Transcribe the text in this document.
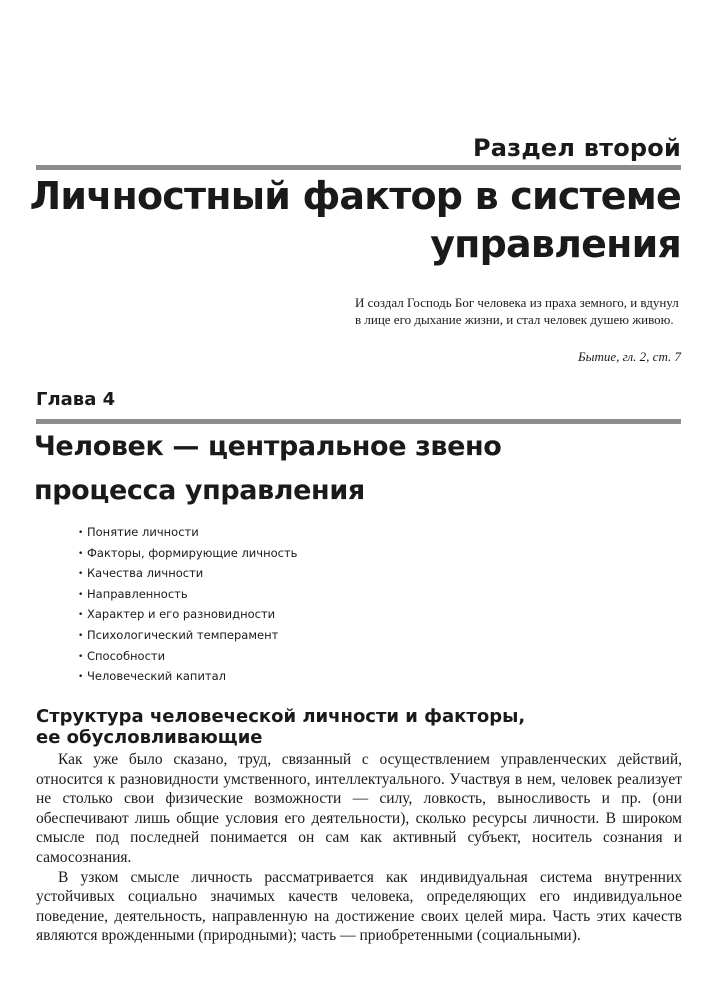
Раздел второй
Личностный фактор в системе
управления
И создал Господь Бог человека из праха земного, и вдунул в лице его дыхание жизни, и стал человек душею живою.
Бытие, гл. 2, ст. 7
Глава 4
Человек — центральное звено
процесса управления
• Понятие личности
• Факторы, формирующие личность
• Качества личности
• Направленность
• Характер и его разновидности
• Психологический темперамент
• Способности
• Человеческий капитал
Структура человеческой личности и факторы,
ее обусловливающие

Как уже было сказано, труд, связанный с осуществлением управленческих действий, относится к разновидности умственного, интеллектуального. Участвуя в нем, человек реализует не столько свои физические возможности — силу, ловкость, выносливость и пр. (они обеспечивают лишь общие условия его деятельности), сколько ресурсы личности. В широком смысле под последней понимается он сам как активный субъект, носитель сознания и самосознания.

В узком смысле личность рассматривается как индивидуальная система внутренних устойчивых социально значимых качеств человека, определяющих его индивидуальное поведение, деятельность, направленную на достижение своих целей мира. Часть этих качеств являются врожденными (природными); часть — приобретенными (социальными).
